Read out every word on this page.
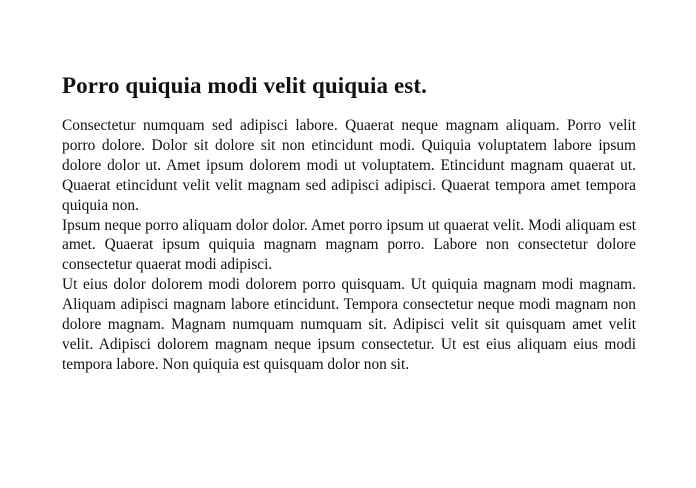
Porro quiquia modi velit quiquia est.

Consectetur numquam sed adipisci labore. Quaerat neque magnam aliquam. Porro velit porro dolore. Dolor sit dolore sit non etincidunt modi. Quiquia voluptatem labore ipsum dolore dolor ut. Amet ipsum dolorem modi ut voluptatem. Etincidunt magnam quaerat ut. Quaerat etincidunt velit velit magnam sed adipisci adipisci. Quaerat tempora amet tempora quiquia non.

Ipsum neque porro aliquam dolor dolor. Amet porro ipsum ut quaerat velit. Modi aliquam est amet. Quaerat ipsum quiquia magnam magnam porro. Labore non consectetur dolore consectetur quaerat modi adipisci.

Ut eius dolor dolorem modi dolorem porro quisquam. Ut quiquia magnam modi magnam. Aliquam adipisci magnam labore etincidunt. Tempora consectetur neque modi magnam non dolore magnam. Magnam numquam numquam sit. Adipisci velit sit quisquam amet velit velit. Adipisci dolorem magnam neque ipsum consectetur. Ut est eius aliquam eius modi tempora labore. Non quiquia est quisquam dolor non sit.
